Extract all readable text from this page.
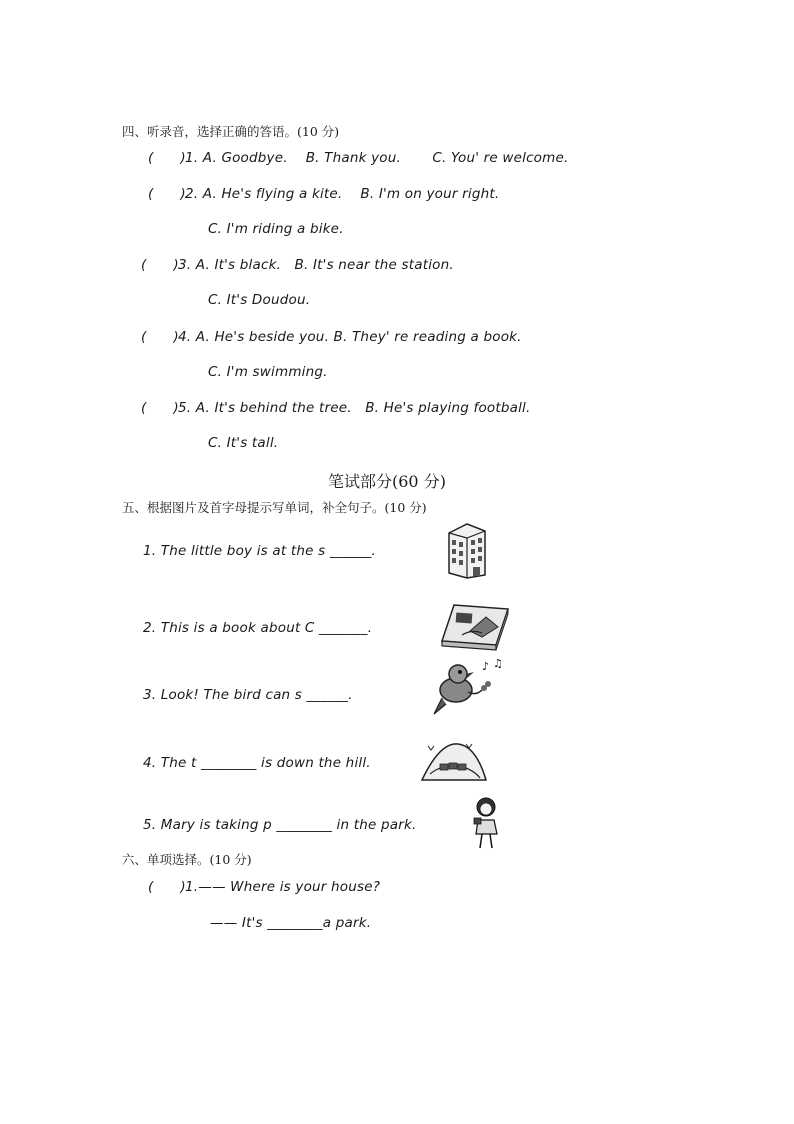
四、听录音，选择正确的答语。(10 分)
(      ) 1. A. Goodbye.    B. Thank you.       C. You' re welcome.
(      ) 2. A. He's flying a kite.    B. I'm on your right.
C. I'm riding a bike.
(      ) 3. A. It's black.   B. It's near the station.
C. It's Doudou.
(      ) 4. A. He's beside you. B. They' re reading a book.
C. I'm swimming.
(      ) 5. A. It's behind the tree.   B. He's playing football.
C. It's tall.
笔试部分(60 分)
五、根据图片及首字母提示写单词，补全句子。(10 分)
1. The little boy is at the s ______.
2. This is a book about C _______.
3. Look! The bird can s ______.
♪ ♫
4. The t ________ is down the hill.
5. Mary is taking p ________ in the park.
六、单项选择。(10 分)
(      ) 1.—— Where is your house?
—— It's ________a park.
